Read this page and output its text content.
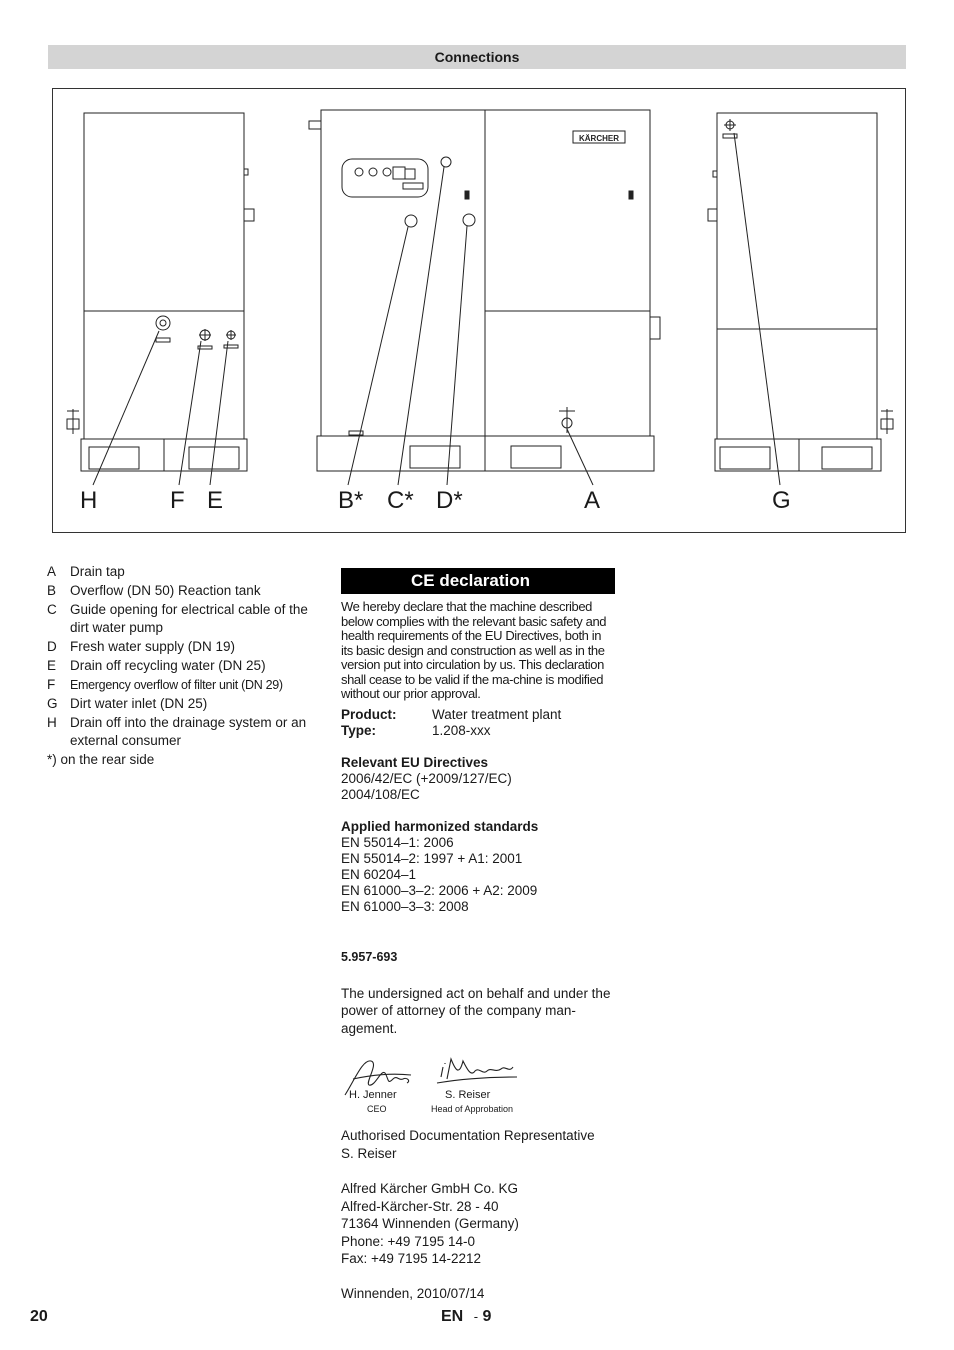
Connections
KÄRCHER
H	F E	B* C* D*	A	G
A	Drain tap
B	Overflow (DN 50) Reaction tank
C Guide opening for electrical cable of the dirt water pump
D Fresh water supply (DN 19)
E	Drain off recycling water (DN 25)
F	Emergency overflow of filter unit (DN 29)
G Dirt water inlet (DN 25)
H Drain off into the drainage system or an external consumer
*) on the rear side
CE declaration
We hereby declare that the machine described below complies with the relevant basic safety and health requirements of the EU Directives, both in its basic design and construction as well as in the version put into circulation by us. This declaration shall cease to be valid if the ma-chine is modified without our prior approval.
Product:	Water treatment plant
Type:	1.208-xxx
Relevant EU Directives
2006/42/EC (+2009/127/EC)
2004/108/EC
Applied harmonized standards
EN 55014–1: 2006
EN 55014–2: 1997 + A1: 2001
EN 60204–1
EN 61000–3–2: 2006 + A2: 2009
EN 61000–3–3: 2008
5.957-693
The undersigned act on behalf and under the power of attorney of the company man-agement.
H. Jenner
CEO
S. Reiser
Head of Approbation
Authorised Documentation Representative
S. Reiser
Alfred Kärcher GmbH Co. KG
Alfred-Kärcher-Str. 28 - 40
71364 Winnenden (Germany)
Phone: +49 7195 14-0
Fax: +49 7195 14-2212
Winnenden, 2010/07/14
20	EN - 9
